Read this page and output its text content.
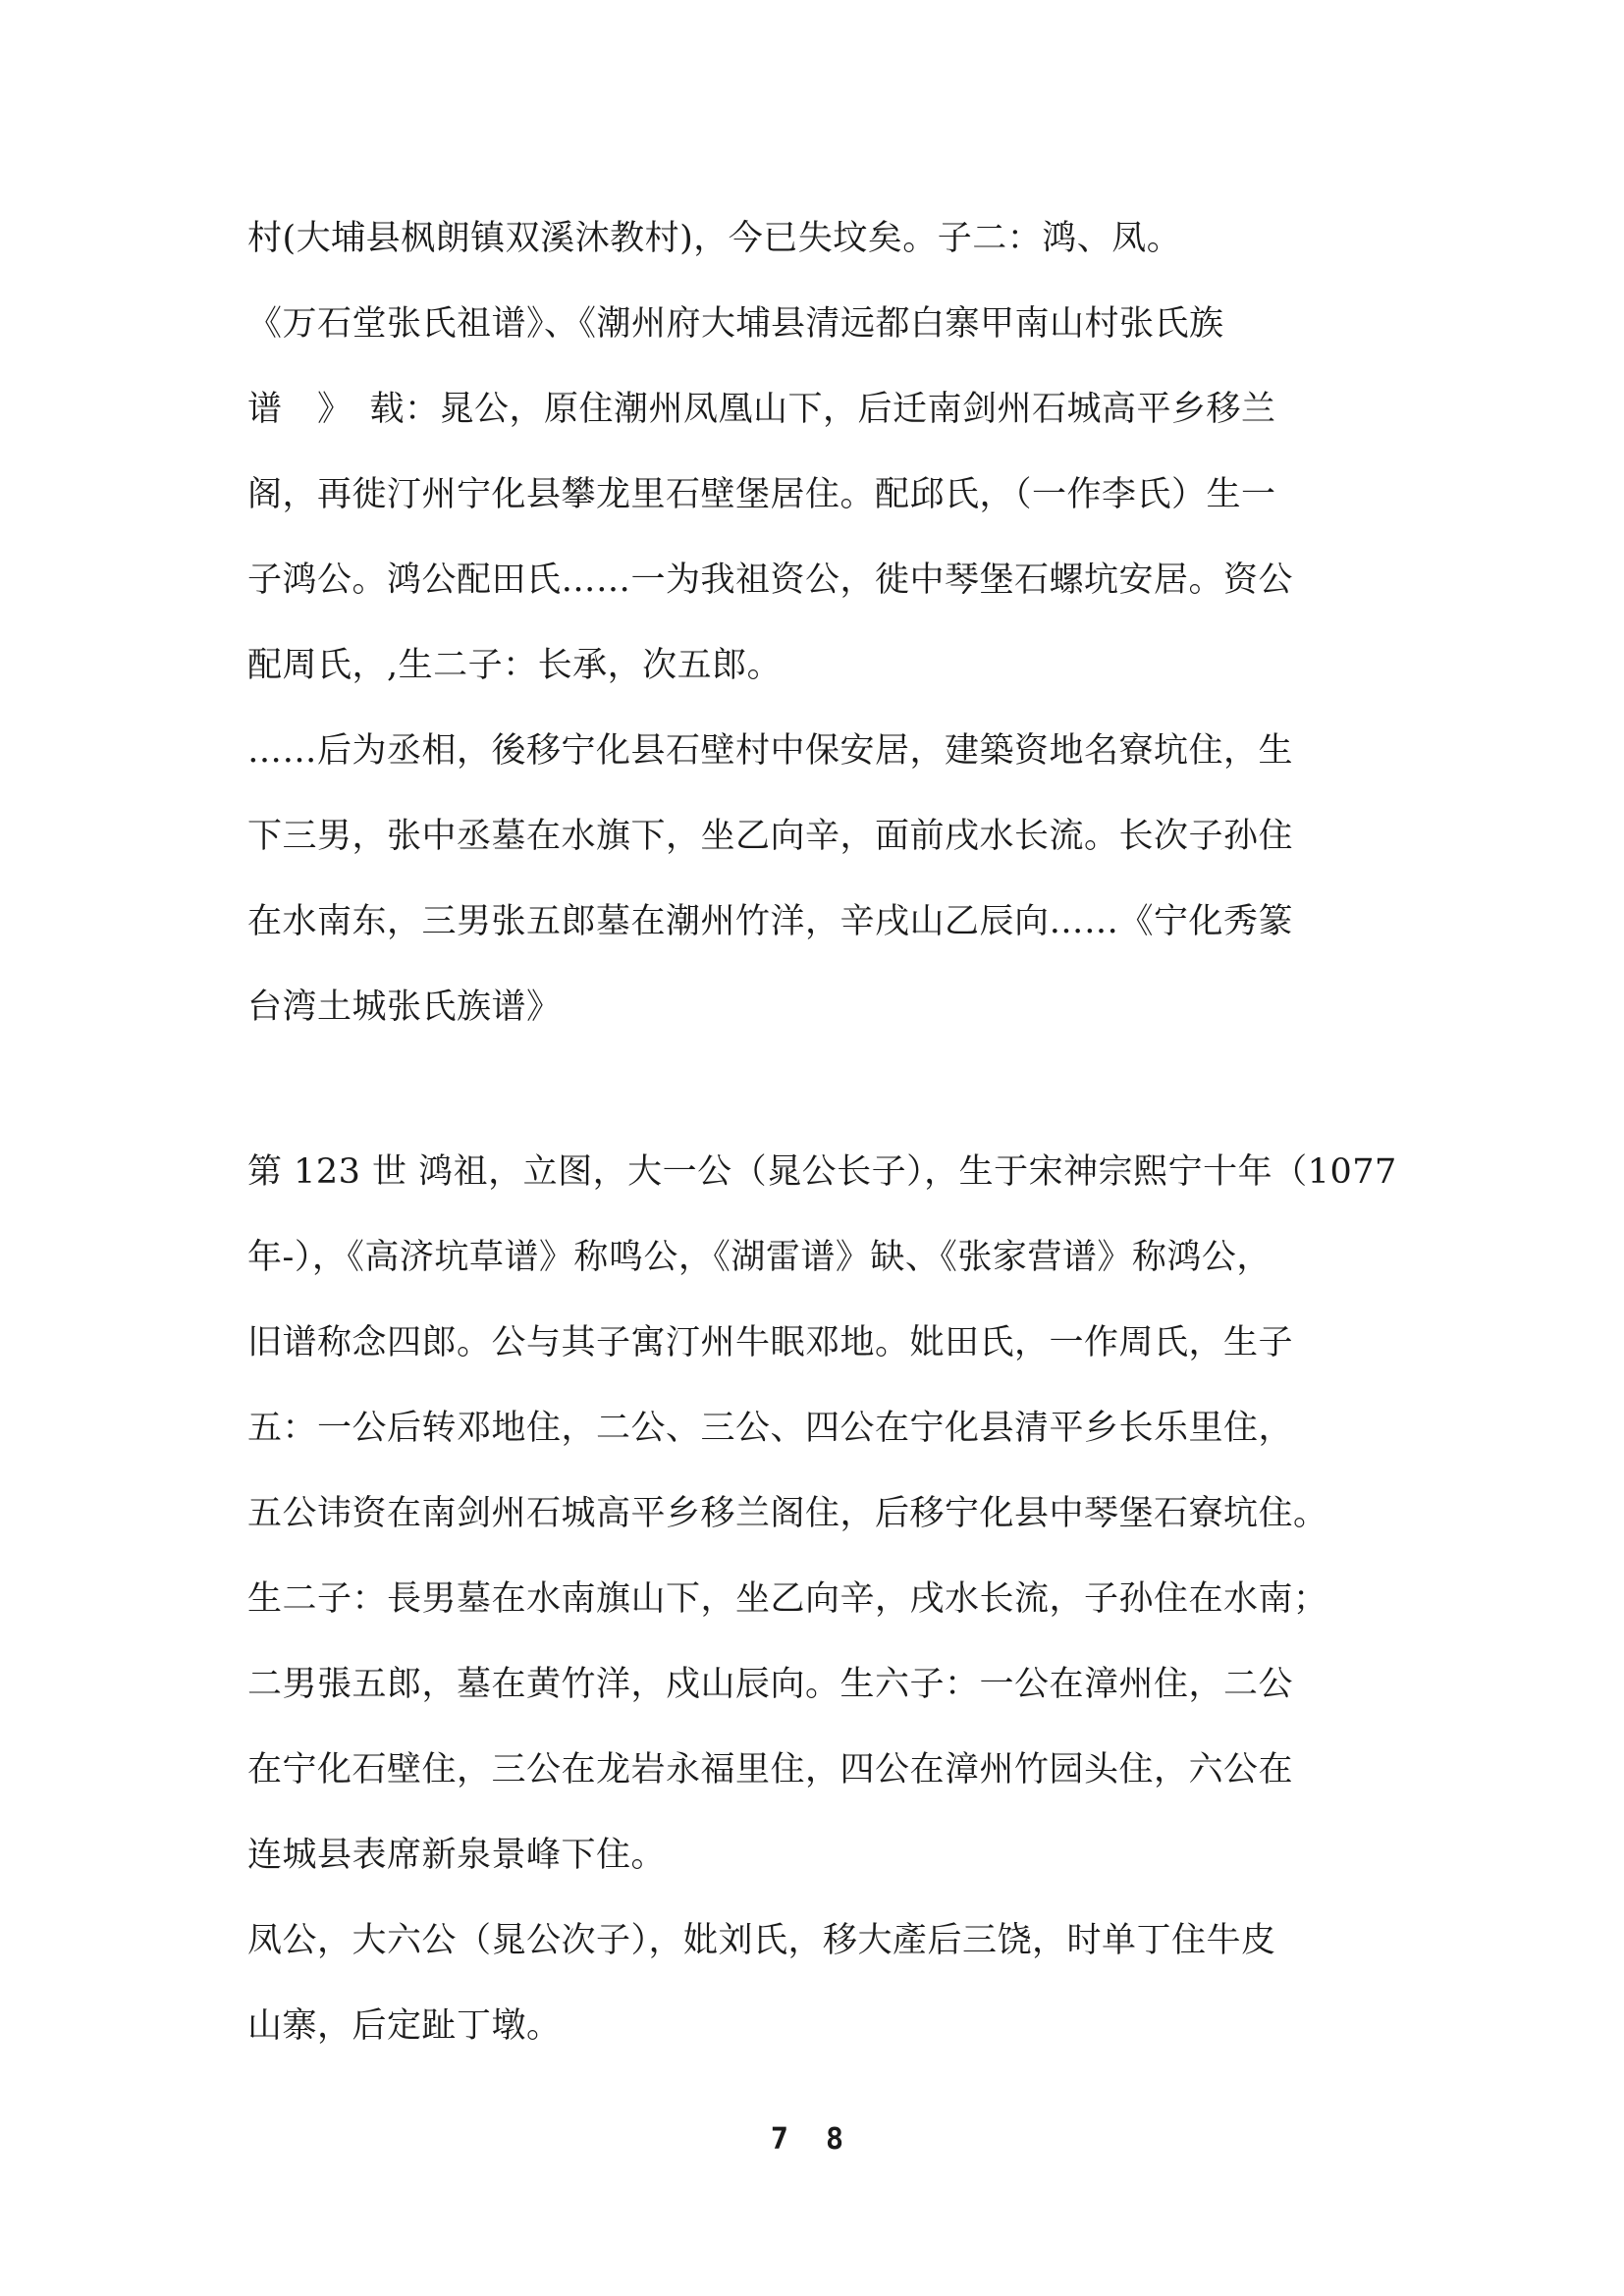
村(大埔县枫朗镇双溪沐教村)，今已失坟矣。子二：鸿、凤。
《万石堂张氏祖谱》、《潮州府大埔县清远都白寨甲南山村张氏族
谱　》　载：晁公，原住潮州凤凰山下，后迁南剑州石城高平乡移兰
阁，再徙汀州宁化县攀龙里石壁堡居住。配邱氏，（一作李氏）生一
子鸿公。鸿公配田氏……一为我祖资公，徙中琴堡石螺坑安居。资公
配周氏，,生二子：长承，次五郎。
……后为丞相，後移宁化县石壁村中保安居，建築资地名寮坑住，生
下三男，张中丞墓在水旗下，坐乙向辛，面前戌水长流。长次子孙住
在水南东，三男张五郎墓在潮州竹洋，辛戌山乙辰向……《宁化秀篆
台湾土城张氏族谱》
第 123 世 鸿祖，立图，大一公（晁公长子），生于宋神宗熙宁十年（1077
年-），《高济坑草谱》称鸣公，《湖雷谱》缺、《张家营谱》称鸿公，
旧谱称念四郎。公与其子寓汀州牛眠邓地。妣田氏，一作周氏，生子
五：一公后转邓地住，二公、三公、四公在宁化县清平乡长乐里住，
五公讳资在南剑州石城高平乡移兰阁住，后移宁化县中琴堡石寮坑住。
生二子：長男墓在水南旗山下，坐乙向辛，戌水长流，子孙住在水南；
二男張五郎，墓在黄竹洋，戍山辰向。生六子：一公在漳州住，二公
在宁化石壁住，三公在龙岩永福里住，四公在漳州竹园头住，六公在
连城县表席新泉景峰下住。
凤公，大六公（晁公次子），妣刘氏，移大產后三饶，时单丁住牛皮
山寨，后定趾丁墩。
7 8
